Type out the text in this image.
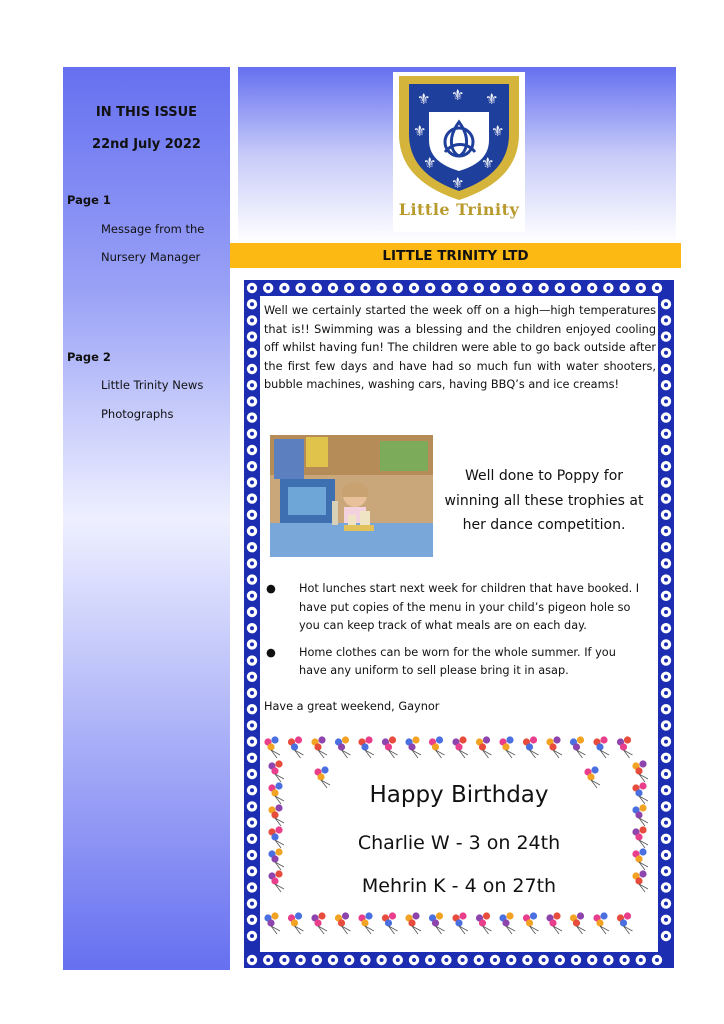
IN THIS ISSUE
22nd July 2022
Page 1
Message from the
Nursery Manager
Page 2
Little Trinity News
Photographs
⚜ ⚜ ⚜
⚜	⚜
⚜	⚜
⚜
Little Trinity
LITTLE TRINITY LTD
Well we certainly started the week off on a high—high temperatures that is!! Swimming was a blessing and the children enjoyed cooling off whilst having fun! The children were able to go back outside after the first few days and have had so much fun with water shooters, bubble machines, washing cars, having BBQ’s and ice creams!
Well done to Poppy for winning all these trophies at her dance competition.
● Hot lunches start next week for children that have booked. I have put copies of the menu in your child’s pigeon hole so you can keep track of what meals are on each day.
● Home clothes can be worn for the whole summer. If you have any uniform to sell please bring it in asap.
Have a great weekend, Gaynor
Happy Birthday
Charlie W - 3 on 24th
Mehrin K - 4 on 27th
